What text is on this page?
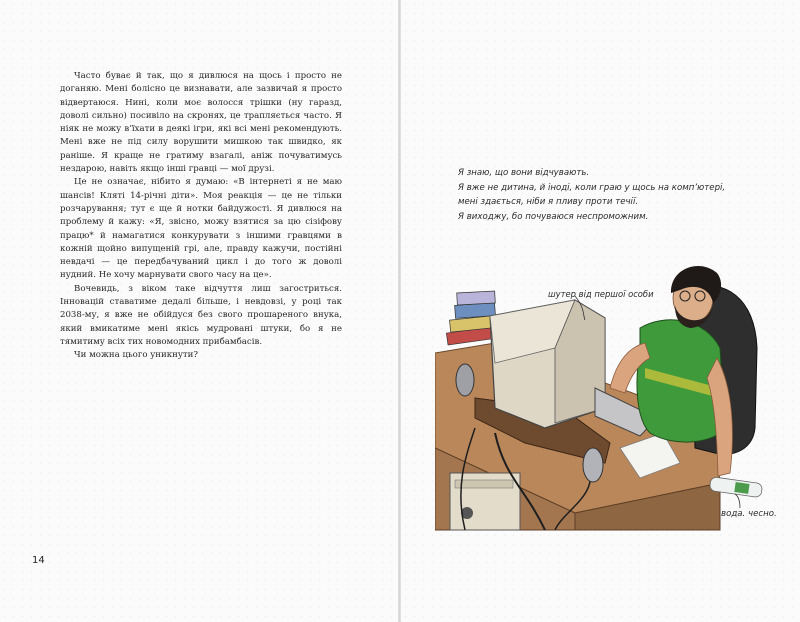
Часто буває й так, що я дивлюся на щось і просто не доганяю. Мені болісно це визнавати, але зазвичай я просто відвертаюся. Нині, коли моє волосся трішки (ну гаразд, доволі сильно) посивіло на скронях, це трапляється часто. Я ніяк не можу в’їхати в деякі ігри, які всі мені рекомендують. Мені вже не під силу ворушити мишкою так швидко, як раніше. Я краще не гратиму взагалі, аніж почуватимусь нездарою, навіть якщо інші гравці — мої друзі.

Це не означає, нібито я думаю: «В інтернеті я не маю шансів! Кляті 14-річні діти». Моя реакція — це не тільки розчарування; тут є ще й нотки байдужості. Я дивлюся на проблему й кажу: «Я, звісно, можу взятися за цю сізіфову працю* й намагатися конкурувати з іншими гравцями в кожній щойно випущеній грі, але, правду кажучи, постійні невдачі — це передбачуваний цикл і до того ж доволі нудний. Не хочу марнувати свого часу на це».

Вочевидь, з віком таке відчуття лиш загостриться. Інновацій ставатиме дедалі більше, і невдовзі, у році так 2038-му, я вже не обійдуся без свого прошареного внука, який вмикатиме мені якісь мудровані штуки, бо я не тямитиму всіх тих новомодних прибамбасів.

Чи можна цього уникнути?

14
Я знаю, що вони відчувають.
Я вже не дитина, й іноді, коли граю у щось на комп’ютері,
мені здається, ніби я пливу проти течії.
Я виходжу, бо почуваюся неспроможним.
шутер від першої особи
вода. чесно.
